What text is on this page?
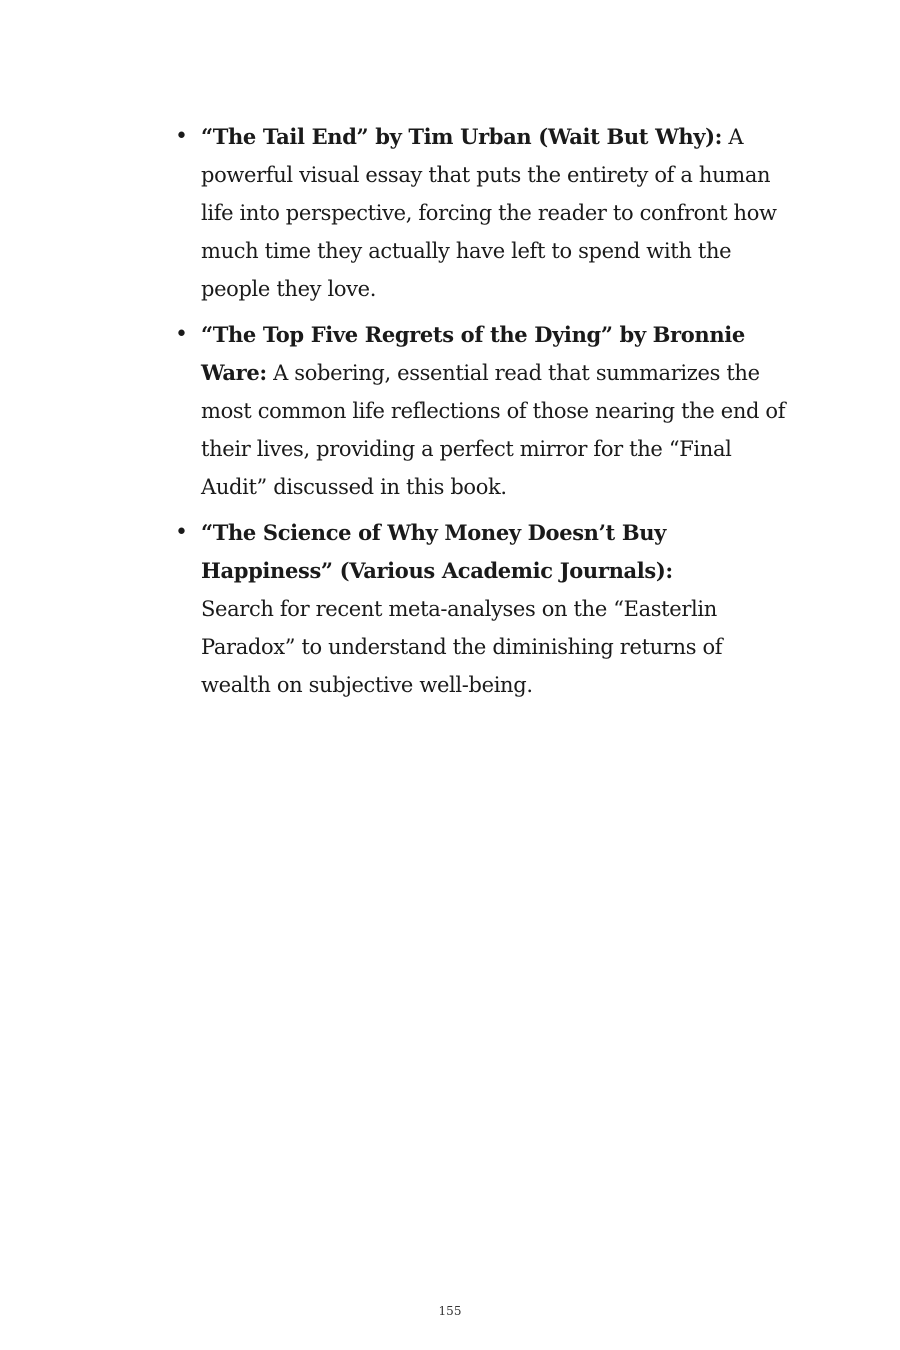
• “The Tail End” by Tim Urban (Wait But Why): A powerful visual essay that puts the entirety of a human life into perspective, forcing the reader to confront how much time they actually have left to spend with the people they love.
• “The Top Five Regrets of the Dying” by Bronnie Ware: A sobering, essential read that summarizes the most common life reflections of those nearing the end of their lives, providing a perfect mirror for the “Final Audit” discussed in this book.
• “The Science of Why Money Doesn’t Buy Happiness” (Various Academic Journals):
Search for recent meta-analyses on the “Easterlin Paradox” to understand the diminishing returns of wealth on subjective well-being.
155
